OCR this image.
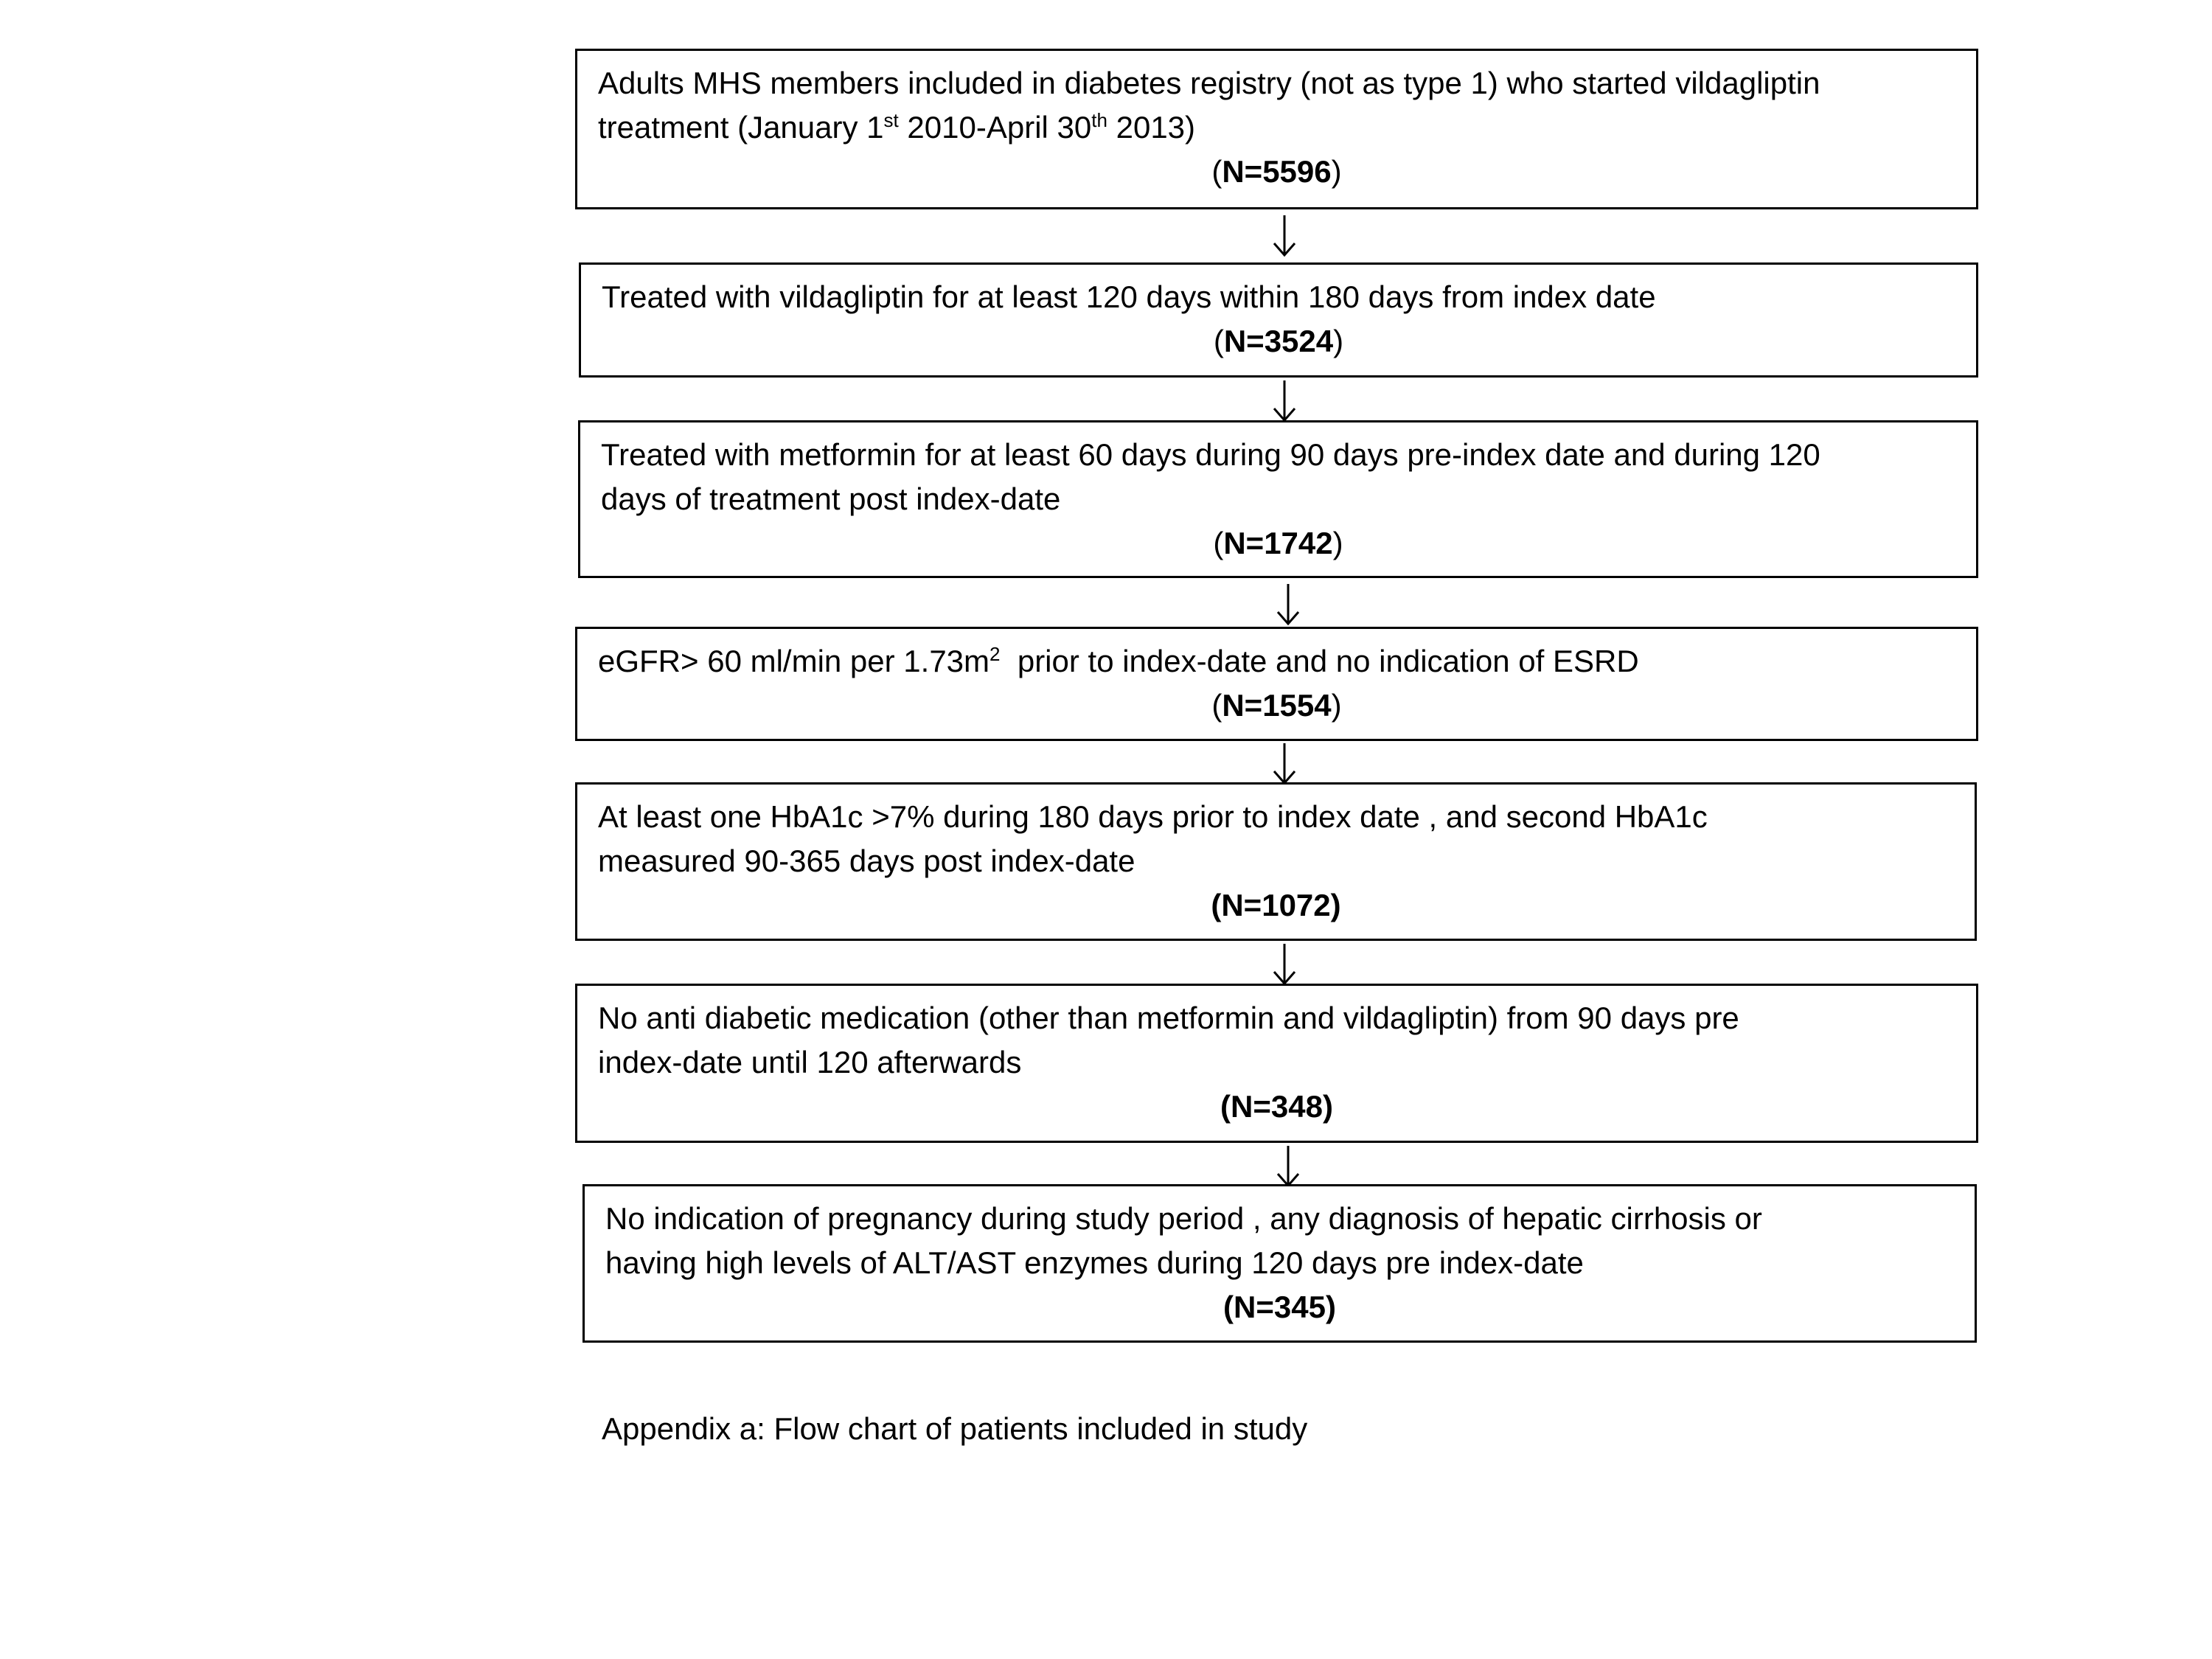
Adults MHS members included in diabetes registry (not as type 1) who started vildagliptin
treatment (January 1st 2010-April 30th 2013)
(N=5596)
Treated with vildagliptin for at least 120 days within 180 days from index date
(N=3524)
Treated with metformin for at least 60 days during 90 days pre-index date and during 120
days of treatment post index-date
(N=1742)
eGFR> 60 ml/min per $1.73m^2$  prior to index-date and no indication of ESRD
(N=1554)
At least one HbA1c >7% during 180 days prior to index date , and second HbA1c
measured 90-365 days post index-date
(N=1072)
No anti diabetic medication (other than metformin and vildagliptin) from 90 days pre
index-date until 120 afterwards
(N=348)
No indication of pregnancy during study period , any diagnosis of hepatic cirrhosis or
having high levels of ALT/AST enzymes during 120 days pre index-date
(N=345)
Appendix a: Flow chart of patients included in study
